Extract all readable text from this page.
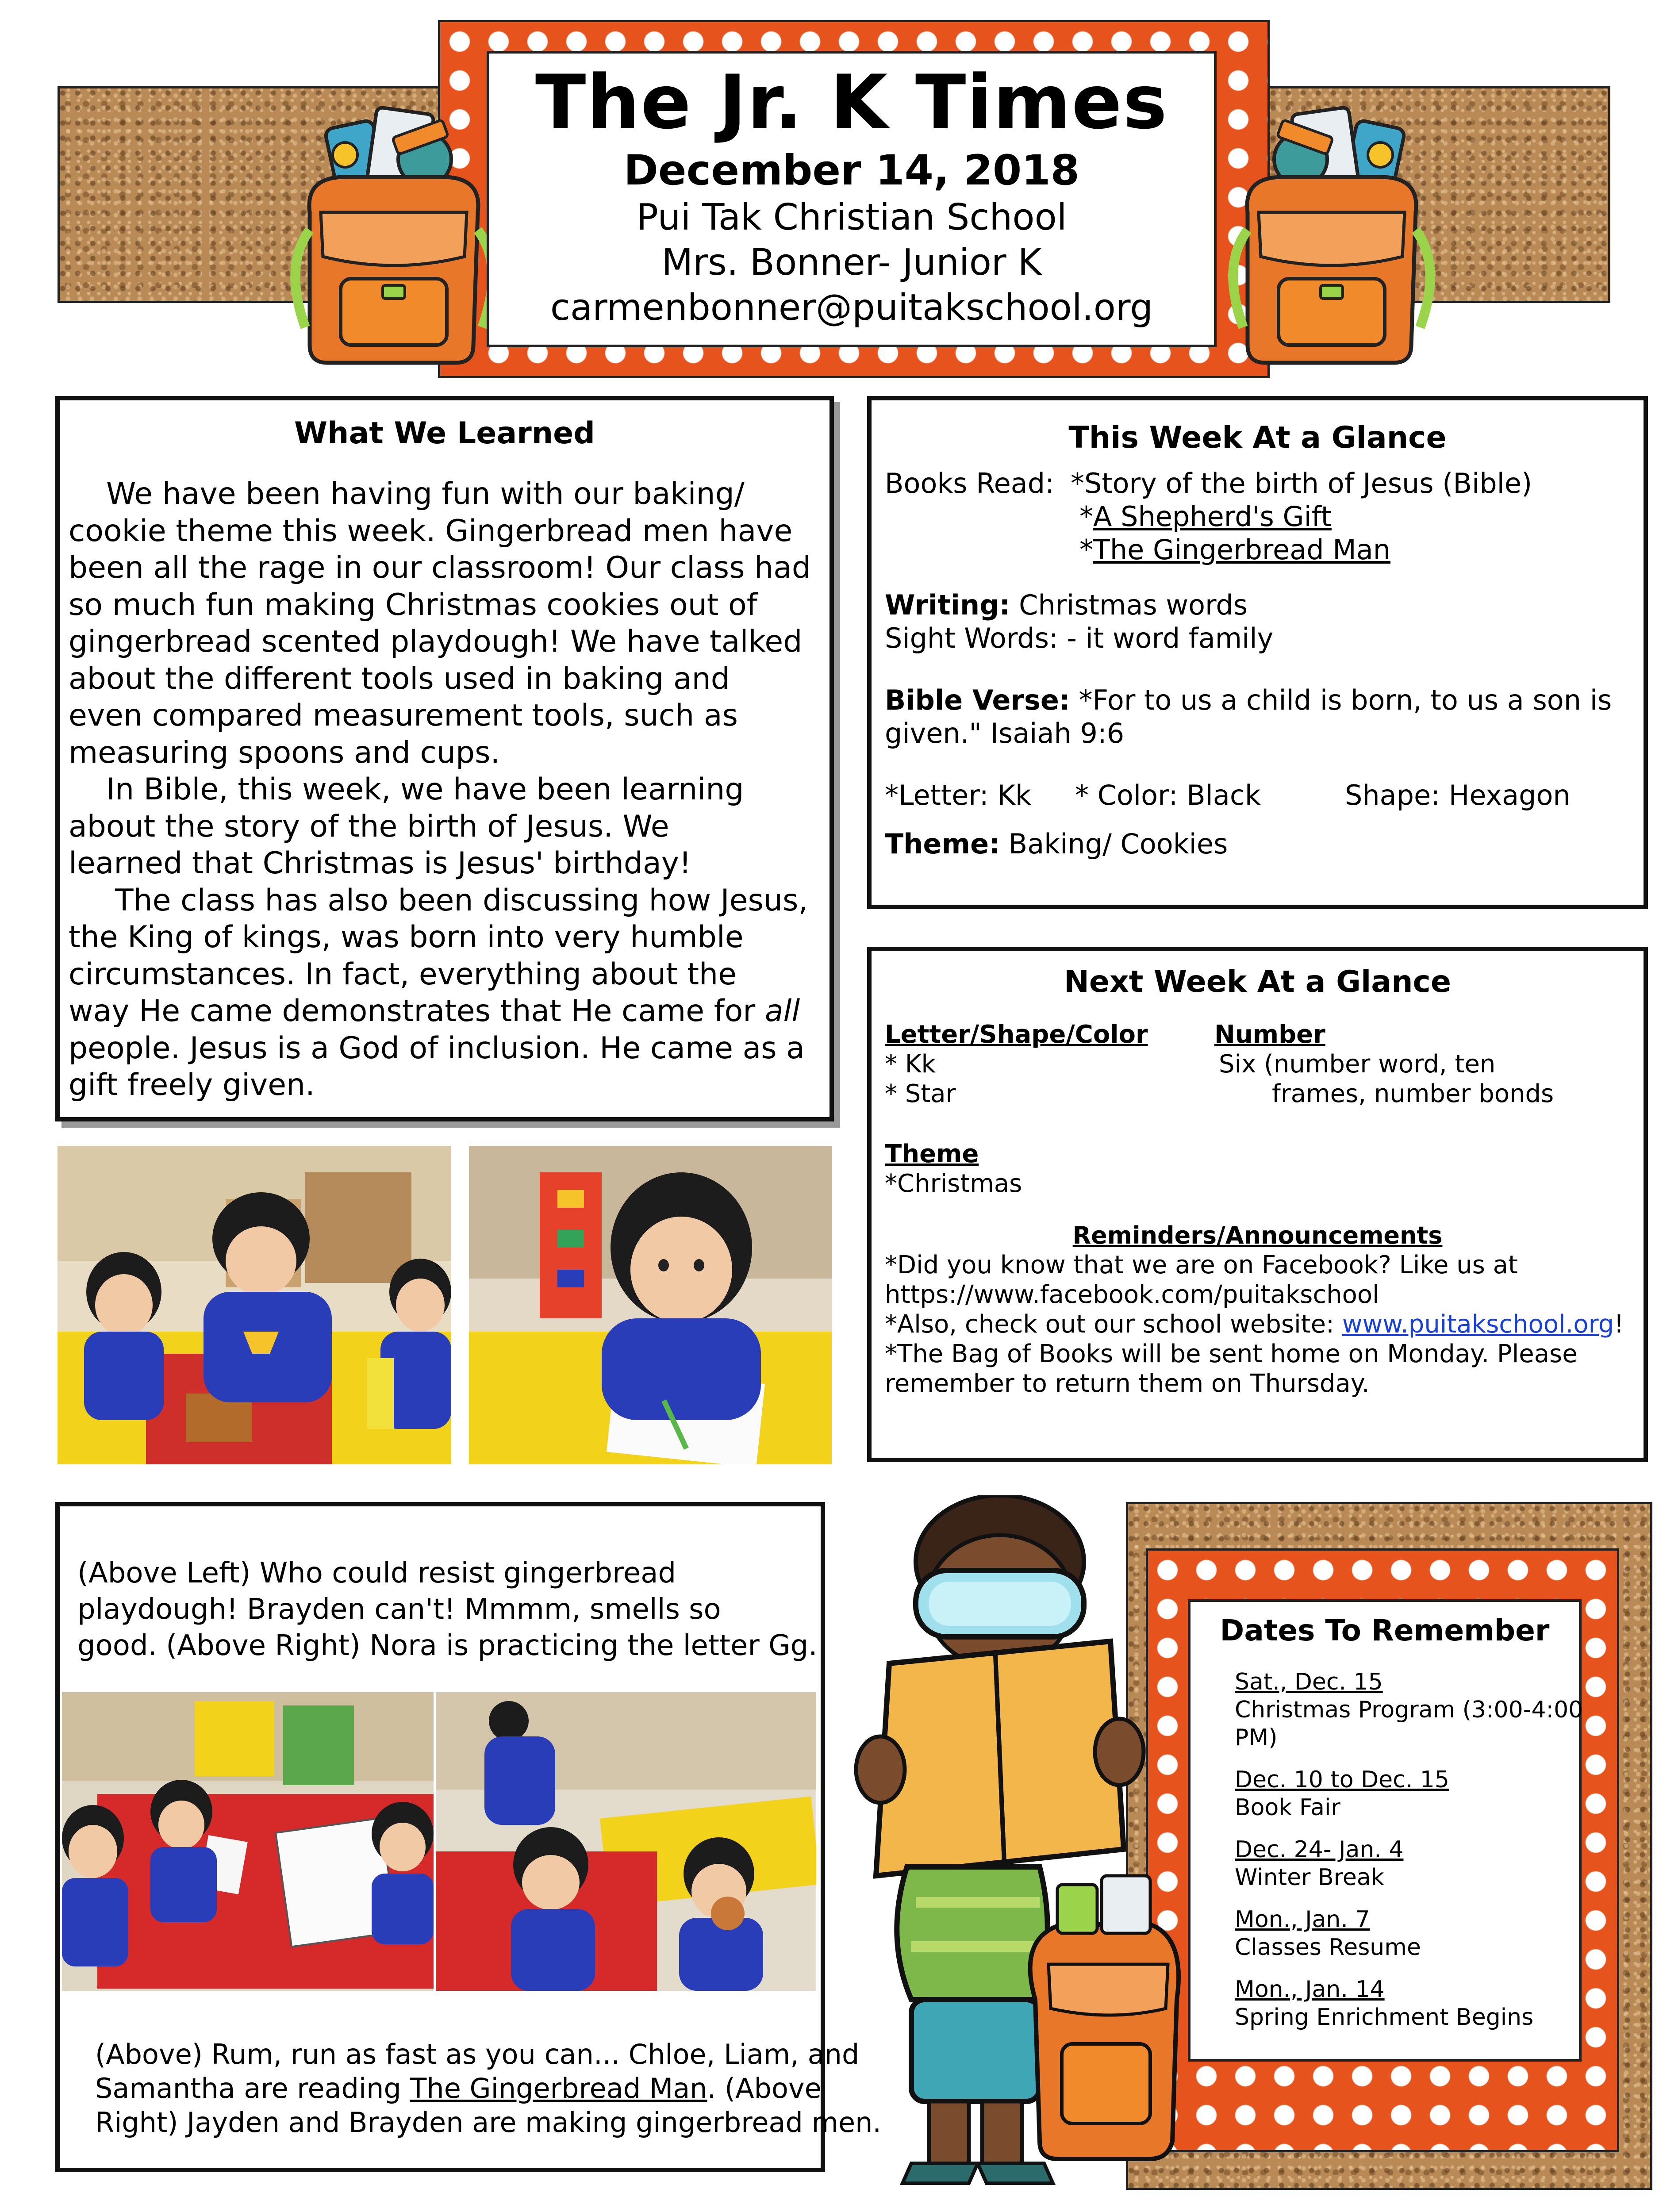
The Jr. K Times
December 14, 2018
Pui Tak Christian School
Mrs. Bonner- Junior K
carmenbonner@puitakschool.org
What We Learned
We have been having fun with our baking/
cookie theme this week. Gingerbread men have
been all the rage in our classroom! Our class had
so much fun making Christmas cookies out of
gingerbread scented playdough! We have talked
about the different tools used in baking and
even compared measurement tools, such as
measuring spoons and cups.
In Bible, this week, we have been learning
about the story of the birth of Jesus. We
learned that Christmas is Jesus' birthday!
The class has also been discussing how Jesus,
the King of kings, was born into very humble
circumstances. In fact, everything about the
way He came demonstrates that He came for all
people. Jesus is a God of inclusion. He came as a
gift freely given.
This Week At a Glance
Books Read: *Story of the birth of Jesus (Bible)
*A Shepherd's Gift
*The Gingerbread Man
Writing: Christmas words
Sight Words: - it word family
Bible Verse: *For to us a child is born, to us a son is
given." Isaiah 9:6
*Letter: Kk * Color: Black	Shape: Hexagon
Theme: Baking/ Cookies
Next Week At a Glance
Letter/Shape/Color
* Kk
* Star
Number
Six (number word, ten
frames, number bonds
Theme
*Christmas
Reminders/Announcements
*Did you know that we are on Facebook? Like us at
https://www.facebook.com/puitakschool
*Also, check out our school website: www.puitakschool.org!
*The Bag of Books will be sent home on Monday. Please
remember to return them on Thursday.
(Above Left) Who could resist gingerbread
playdough! Brayden can't! Mmmm, smells so
good. (Above Right) Nora is practicing the letter Gg.
(Above) Rum, run as fast as you can... Chloe, Liam, and
Samantha are reading The Gingerbread Man. (Above
Right) Jayden and Brayden are making gingerbread men.
Dates To Remember
Sat., Dec. 15
Christmas Program (3:00-4:00
PM)
Dec. 10 to Dec. 15
Book Fair
Dec. 24- Jan. 4
Winter Break
Mon., Jan. 7
Classes Resume
Mon., Jan. 14
Spring Enrichment Begins
